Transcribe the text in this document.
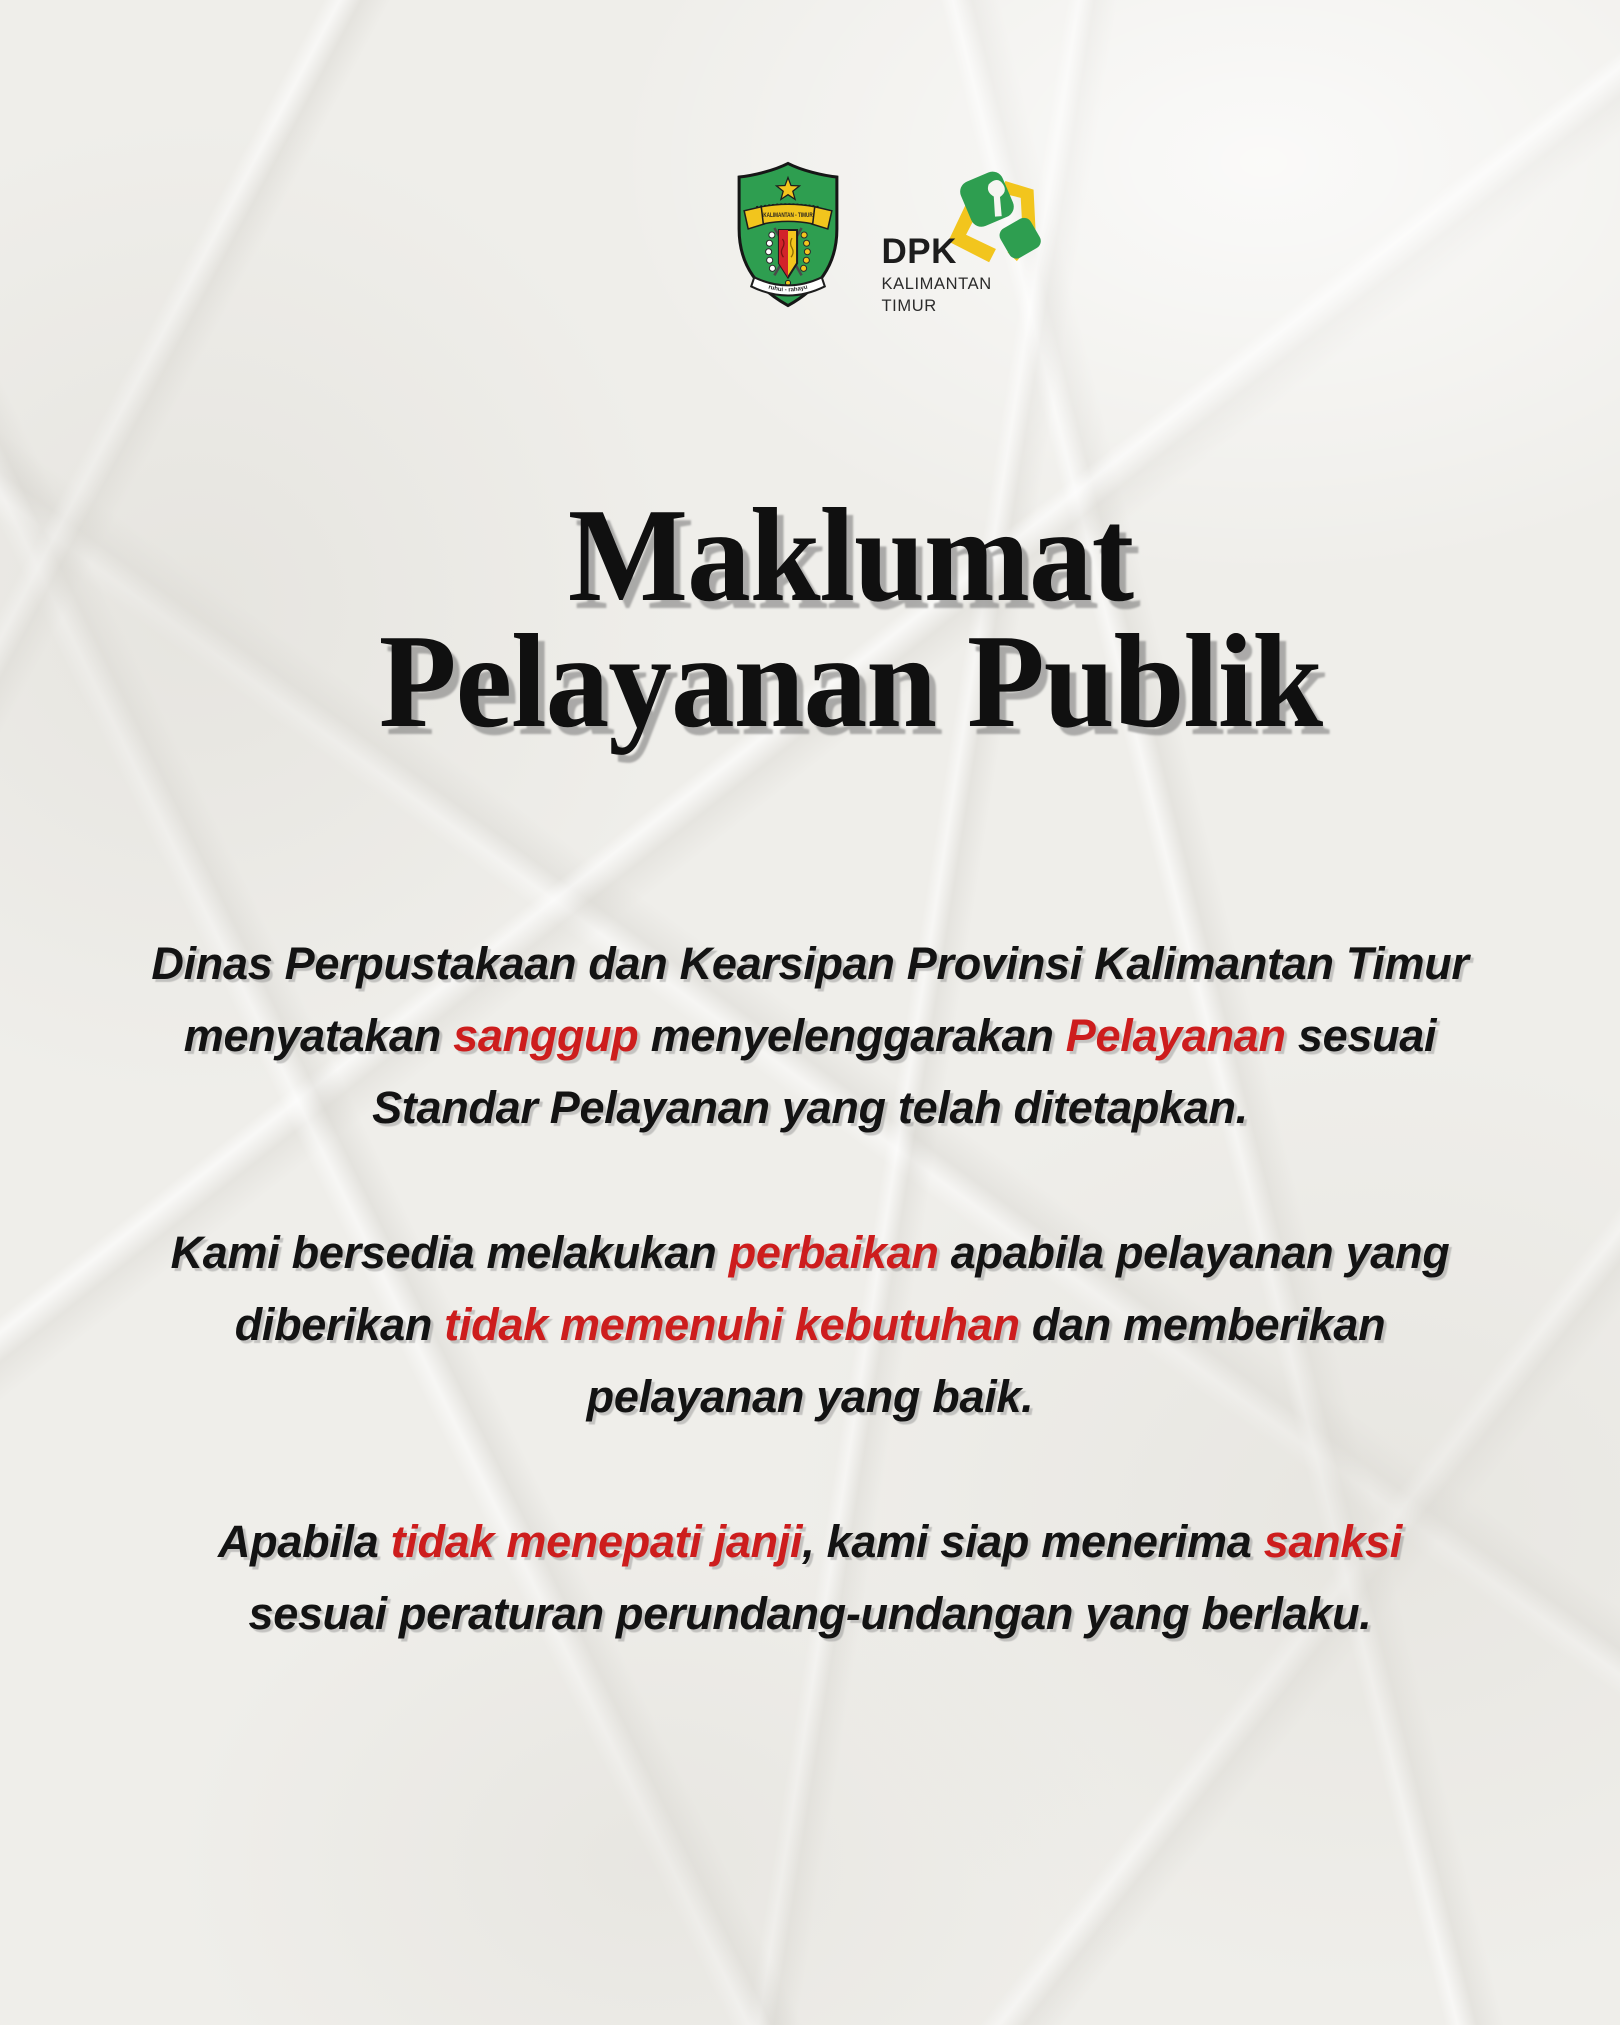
KALIMANTAN - TIMUR
ruhui - rahayu
DPK
KALIMANTAN
TIMUR
Maklumat
Pelayanan Publik

Dinas Perpustakaan dan Kearsipan Provinsi Kalimantan Timur
menyatakan sanggup menyelenggarakan Pelayanan sesuai
Standar Pelayanan yang telah ditetapkan.

Kami bersedia melakukan perbaikan apabila pelayanan yang
diberikan tidak memenuhi kebutuhan dan memberikan
pelayanan yang baik.

Apabila tidak menepati janji, kami siap menerima sanksi
sesuai peraturan perundang-undangan yang berlaku.
